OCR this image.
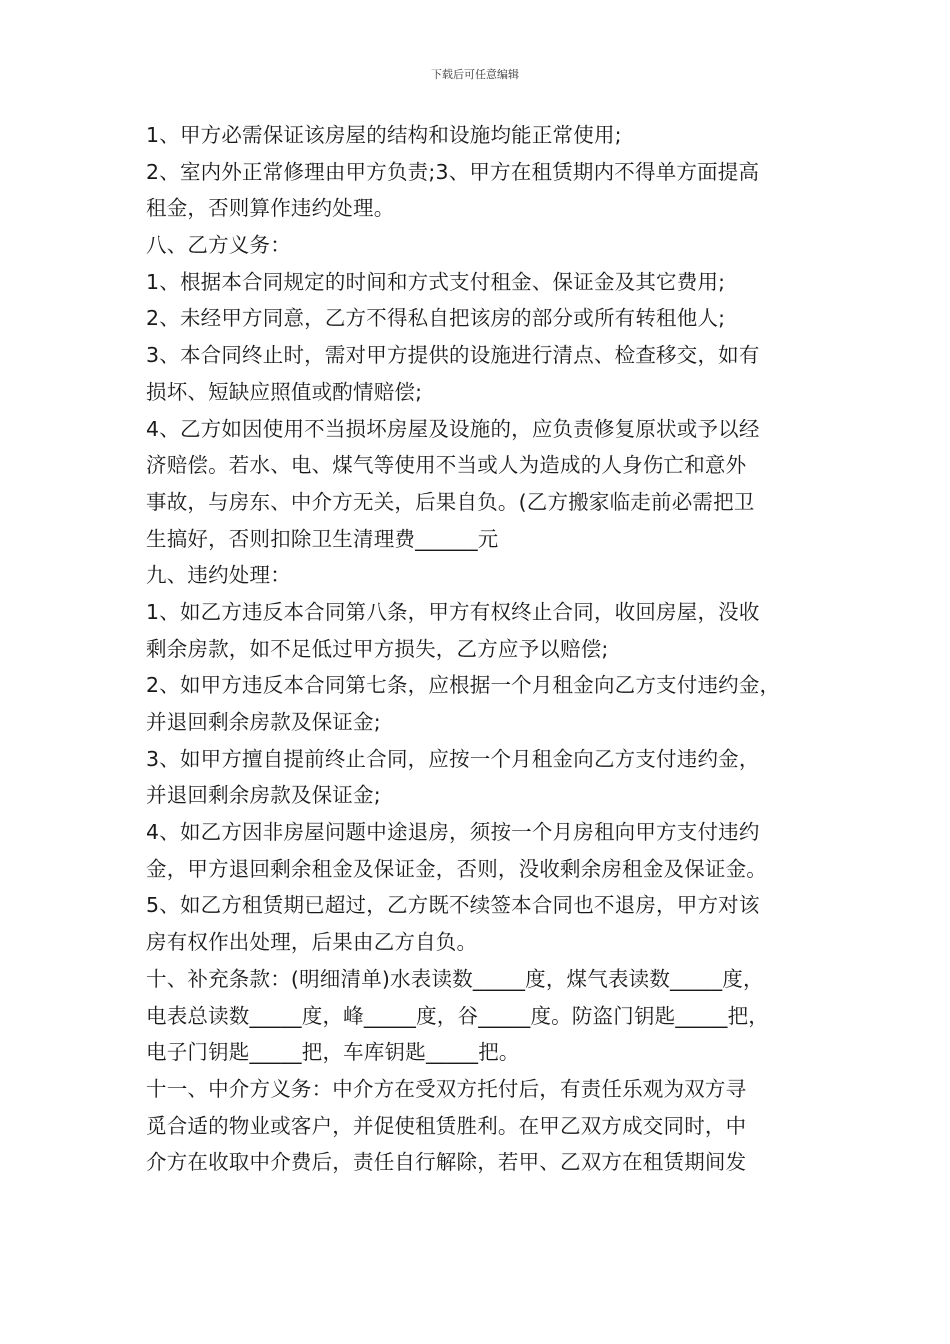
下载后可任意编辑
1、甲方必需保证该房屋的结构和设施均能正常使用;
2、室内外正常修理由甲方负责;3、甲方在租赁期内不得单方面提高
租金，否则算作违约处理。
八、乙方义务：
1、根据本合同规定的时间和方式支付租金、保证金及其它费用;
2、未经甲方同意，乙方不得私自把该房的部分或所有转租他人;
3、本合同终止时，需对甲方提供的设施进行清点、检查移交，如有
损坏、短缺应照值或酌情赔偿;
4、乙方如因使用不当损坏房屋及设施的，应负责修复原状或予以经
济赔偿。若水、电、煤气等使用不当或人为造成的人身伤亡和意外
事故，与房东、中介方无关，后果自负。(乙方搬家临走前必需把卫
生搞好，否则扣除卫生清理费______元
九、违约处理：
1、如乙方违反本合同第八条，甲方有权终止合同，收回房屋，没收
剩余房款，如不足低过甲方损失，乙方应予以赔偿;
2、如甲方违反本合同第七条，应根据一个月租金向乙方支付违约金，
并退回剩余房款及保证金;
3、如甲方擅自提前终止合同，应按一个月租金向乙方支付违约金，
并退回剩余房款及保证金;
4、如乙方因非房屋问题中途退房，须按一个月房租向甲方支付违约
金，甲方退回剩余租金及保证金，否则，没收剩余房租金及保证金。
5、如乙方租赁期已超过，乙方既不续签本合同也不退房，甲方对该
房有权作出处理，后果由乙方自负。
十、补充条款：(明细清单)水表读数_____度，煤气表读数_____度，
电表总读数_____度，峰_____度，谷_____度。防盗门钥匙_____把，
电子门钥匙_____把，车库钥匙_____把。
十一、中介方义务：中介方在受双方托付后，有责任乐观为双方寻
觅合适的物业或客户，并促使租赁胜利。在甲乙双方成交同时，中
介方在收取中介费后，责任自行解除，若甲、乙双方在租赁期间发
